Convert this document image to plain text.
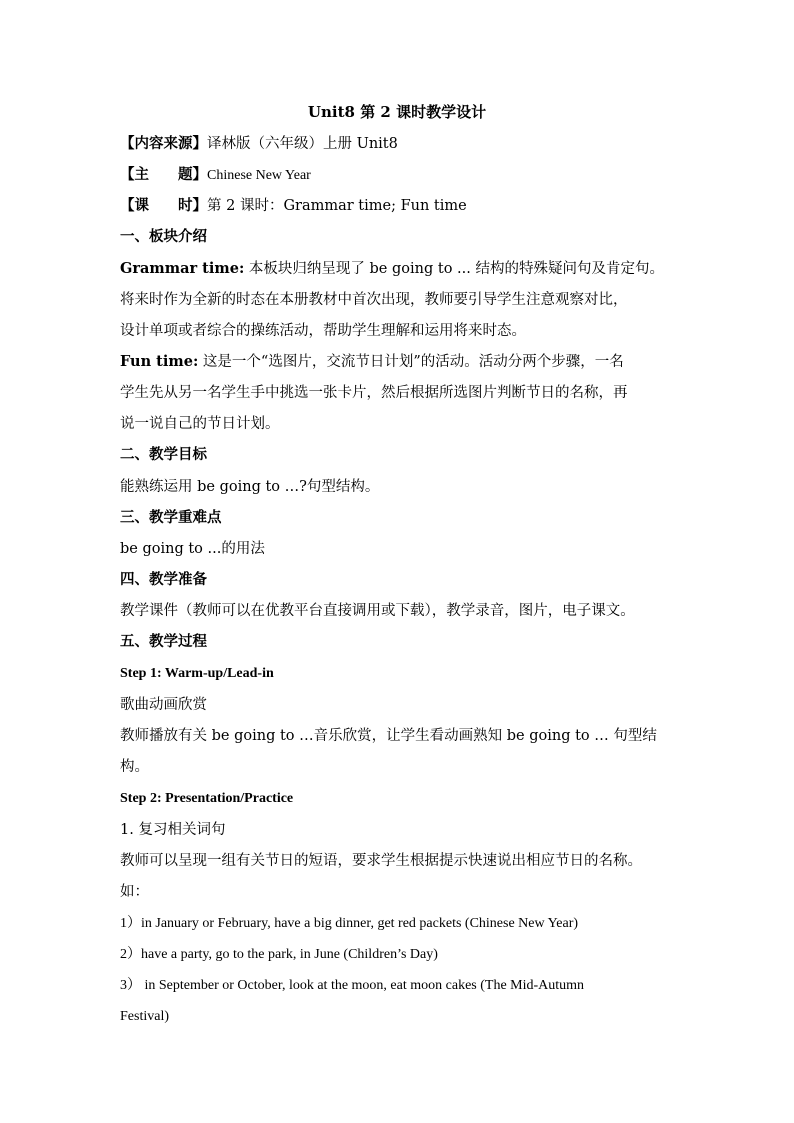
Unit8 第 2 课时教学设计
【内容来源】译林版（六年级）上册 Unit8
【主　　题】Chinese New Year
【课　　时】第 2 课时：Grammar time; Fun time
一、板块介绍
Grammar time: 本板块归纳呈现了 be going to ... 结构的特殊疑问句及肯定句。
将来时作为全新的时态在本册教材中首次出现，教师要引导学生注意观察对比，
设计单项或者综合的操练活动，帮助学生理解和运用将来时态。
Fun time: 这是一个“选图片，交流节日计划”的活动。活动分两个步骤，一名
学生先从另一名学生手中挑选一张卡片，然后根据所选图片判断节日的名称，再
说一说自己的节日计划。
二、教学目标
能熟练运用 be going to …?句型结构。
三、教学重难点
be going to ...的用法
四、教学准备
教学课件（教师可以在优教平台直接调用或下载），教学录音，图片，电子课文。
五、教学过程
Step 1: Warm-up/Lead-in
歌曲动画欣赏
教师播放有关 be going to …音乐欣赏，让学生看动画熟知 be going to … 句型结
构。
Step 2: Presentation/Practice
1. 复习相关词句
教师可以呈现一组有关节日的短语，要求学生根据提示快速说出相应节日的名称。
如：
1）in January or February, have a big dinner, get red packets (Chinese New Year)
2）have a party, go to the park, in June (Children’s Day)
3） in September or October, look at the moon, eat moon cakes (The Mid-Autumn
Festival)
